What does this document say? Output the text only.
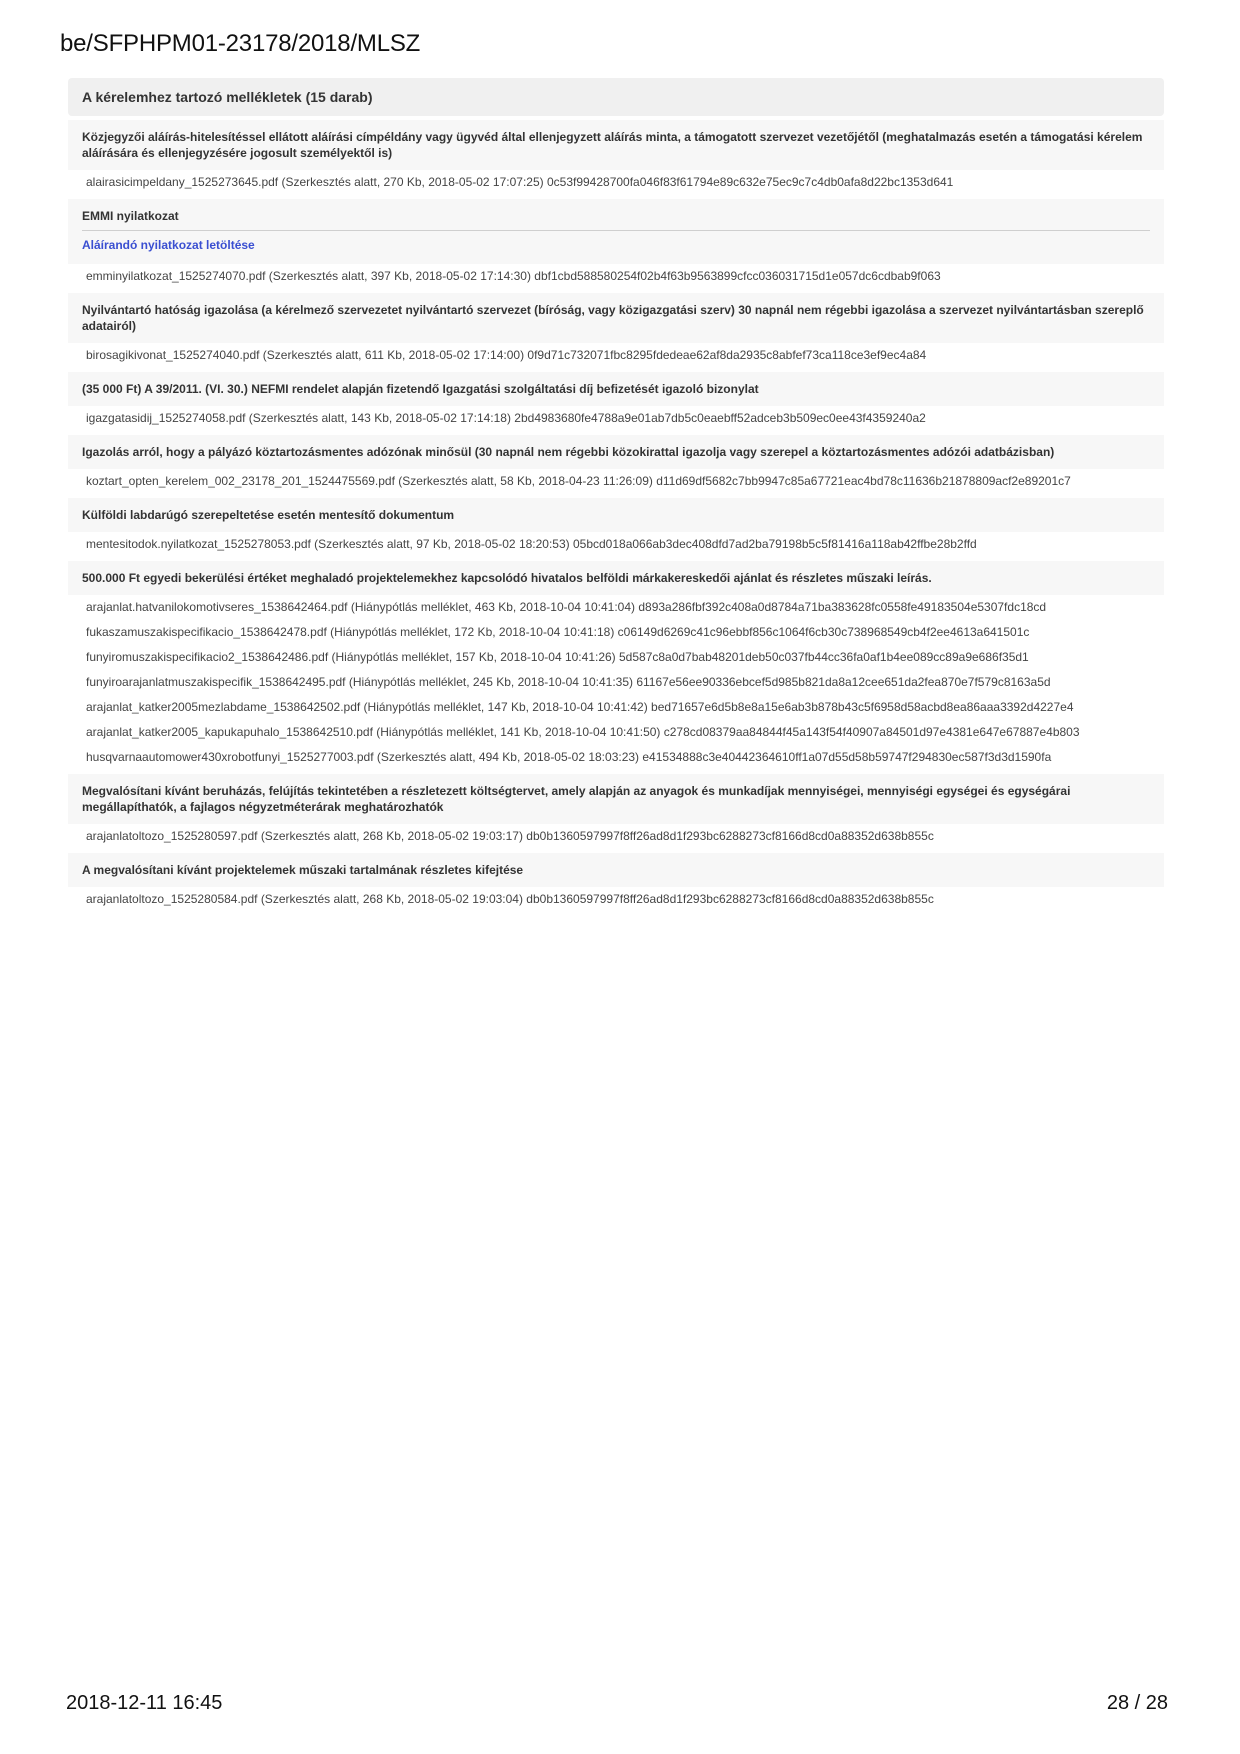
be/SFPHPM01-23178/2018/MLSZ
A kérelemhez tartozó mellékletek (15 darab)
Közjegyzői aláírás-hitelesítéssel ellátott aláírási címpéldány vagy ügyvéd által ellenjegyzett aláírás minta, a támogatott szervezet vezetőjétől (meghatalmazás esetén a támogatási kérelem aláírására és ellenjegyzésére jogosult személyektől is)
alairasicimpeldany_1525273645.pdf (Szerkesztés alatt, 270 Kb, 2018-05-02 17:07:25) 0c53f99428700fa046f83f61794e89c632e75ec9c7c4db0afa8d22bc1353d641
EMMI nyilatkozat
Aláírandó nyilatkozat letöltése
emminyilatkozat_1525274070.pdf (Szerkesztés alatt, 397 Kb, 2018-05-02 17:14:30) dbf1cbd588580254f02b4f63b9563899cfcc036031715d1e057dc6cdbab9f063
Nyilvántartó hatóság igazolása (a kérelmező szervezetet nyilvántartó szervezet (bíróság, vagy közigazgatási szerv) 30 napnál nem régebbi igazolása a szervezet nyilvántartásban szereplő adatairól)
birosagikivonat_1525274040.pdf (Szerkesztés alatt, 611 Kb, 2018-05-02 17:14:00) 0f9d71c732071fbc8295fdedeae62af8da2935c8abfef73ca118ce3ef9ec4a84
(35 000 Ft) A 39/2011. (VI. 30.) NEFMI rendelet alapján fizetendő Igazgatási szolgáltatási díj befizetését igazoló bizonylat
igazgatasidij_1525274058.pdf (Szerkesztés alatt, 143 Kb, 2018-05-02 17:14:18) 2bd4983680fe4788a9e01ab7db5c0eaebff52adceb3b509ec0ee43f4359240a2
Igazolás arról, hogy a pályázó köztartozásmentes adózónak minősül (30 napnál nem régebbi közokirattal igazolja vagy szerepel a köztartozásmentes adózói adatbázisban)
koztart_opten_kerelem_002_23178_201_1524475569.pdf (Szerkesztés alatt, 58 Kb, 2018-04-23 11:26:09) d11d69df5682c7bb9947c85a67721eac4bd78c11636b21878809acf2e89201c7
Külföldi labdarúgó szerepeltetése esetén mentesítő dokumentum
mentesitodok.nyilatkozat_1525278053.pdf (Szerkesztés alatt, 97 Kb, 2018-05-02 18:20:53) 05bcd018a066ab3dec408dfd7ad2ba79198b5c5f81416a118ab42ffbe28b2ffd
500.000 Ft egyedi bekerülési értéket meghaladó projektelemekhez kapcsolódó hivatalos belföldi márkakereskedői ajánlat és részletes műszaki leírás.
arajanlat.hatvanilokomotivseres_1538642464.pdf (Hiánypótlás melléklet, 463 Kb, 2018-10-04 10:41:04) d893a286fbf392c408a0d8784a71ba383628fc0558fe49183504e5307fdc18cd
fukaszamuszakispecifikacio_1538642478.pdf (Hiánypótlás melléklet, 172 Kb, 2018-10-04 10:41:18) c06149d6269c41c96ebbf856c1064f6cb30c738968549cb4f2ee4613a641501c
funyiromuszakispecifikacio2_1538642486.pdf (Hiánypótlás melléklet, 157 Kb, 2018-10-04 10:41:26) 5d587c8a0d7bab48201deb50c037fb44cc36fa0af1b4ee089cc89a9e686f35d1
funyiroarajanlatmuszakispecifik_1538642495.pdf (Hiánypótlás melléklet, 245 Kb, 2018-10-04 10:41:35) 61167e56ee90336ebcef5d985b821da8a12cee651da2fea870e7f579c8163a5d
arajanlat_katker2005mezlabdame_1538642502.pdf (Hiánypótlás melléklet, 147 Kb, 2018-10-04 10:41:42) bed71657e6d5b8e8a15e6ab3b878b43c5f6958d58acbd8ea86aaa3392d4227e4
arajanlat_katker2005_kapukapuhalo_1538642510.pdf (Hiánypótlás melléklet, 141 Kb, 2018-10-04 10:41:50) c278cd08379aa84844f45a143f54f40907a84501d97e4381e647e67887e4b803
husqvarnaautomower430xrobotfunyi_1525277003.pdf (Szerkesztés alatt, 494 Kb, 2018-05-02 18:03:23) e41534888c3e40442364610ff1a07d55d58b59747f294830ec587f3d3d1590fa
Megvalósítani kívánt beruházás, felújítás tekintetében a részletezett költségtervet, amely alapján az anyagok és munkadíjak mennyiségei, mennyiségi egységei és egységárai megállapíthatók, a fajlagos négyzetméterárak meghatározhatók
arajanlatoltozo_1525280597.pdf (Szerkesztés alatt, 268 Kb, 2018-05-02 19:03:17) db0b1360597997f8ff26ad8d1f293bc6288273cf8166d8cd0a88352d638b855c
A megvalósítani kívánt projektelemek műszaki tartalmának részletes kifejtése
arajanlatoltozo_1525280584.pdf (Szerkesztés alatt, 268 Kb, 2018-05-02 19:03:04) db0b1360597997f8ff26ad8d1f293bc6288273cf8166d8cd0a88352d638b855c
2018-12-11 16:45	28 / 28
